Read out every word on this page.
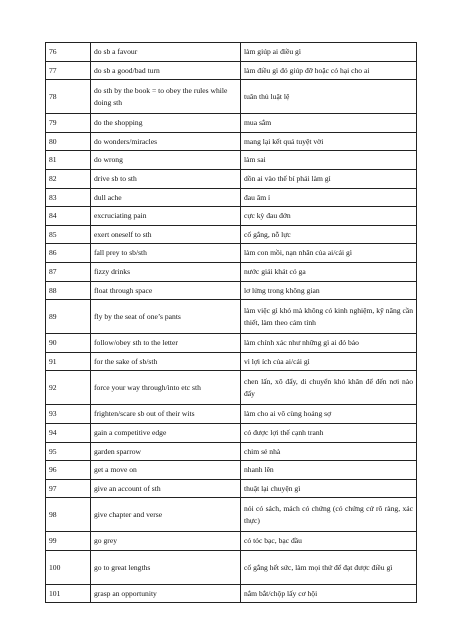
76	do sb a favour	làm giúp ai điều gì
77	do sb a good/bad turn	làm điều gì đó giúp đỡ hoặc có hại cho ai
78	do sth by the book = to obey the rules while doing sth	tuân thủ luật lệ
79	do the shopping	mua sắm
80	do wonders/miracles	mang lại kết quả tuyệt vời
81	do wrong	làm sai
82	drive sb to sth	dồn ai vào thế bí phải làm gì
83	dull ache	đau âm ỉ
84	excruciating pain	cực kỳ đau đớn
85	exert oneself to sth	cố gắng, nỗ lực
86	fall prey to sb/sth	làm con mồi, nạn nhân của ai/cái gì
87	fizzy drinks	nước giải khát có ga
88	float through space	lơ lửng trong không gian
89	fly by the seat of one’s pants	làm việc gì khó mà không có kinh nghiệm, kỹ năng cần thiết, làm theo cảm tính
90	follow/obey sth to the letter	làm chính xác như những gì ai đó bảo
91	for the sake of sb/sth	vì lợi ích của ai/cái gì
92	force your way through/into etc sth	chen lấn, xô đẩy, di chuyển khó khăn để đến nơi nào đấy
93	frighten/scare sb out of their wits	làm cho ai vô cùng hoảng sợ
94	gain a competitive edge	có được lợi thế cạnh tranh
95	garden sparrow	chim sẻ nhà
96	get a move on	nhanh lên
97	give an account of sth	thuật lại chuyện gì
98	give chapter and verse	nói có sách, mách có chứng (có chứng cứ rõ ràng, xác thực)
99	go grey	có tóc bạc, bạc đầu
100	go to great lengths	cố gắng hết sức, làm mọi thứ để đạt được điều gì
101	grasp an opportunity	nắm bắt/chộp lấy cơ hội
